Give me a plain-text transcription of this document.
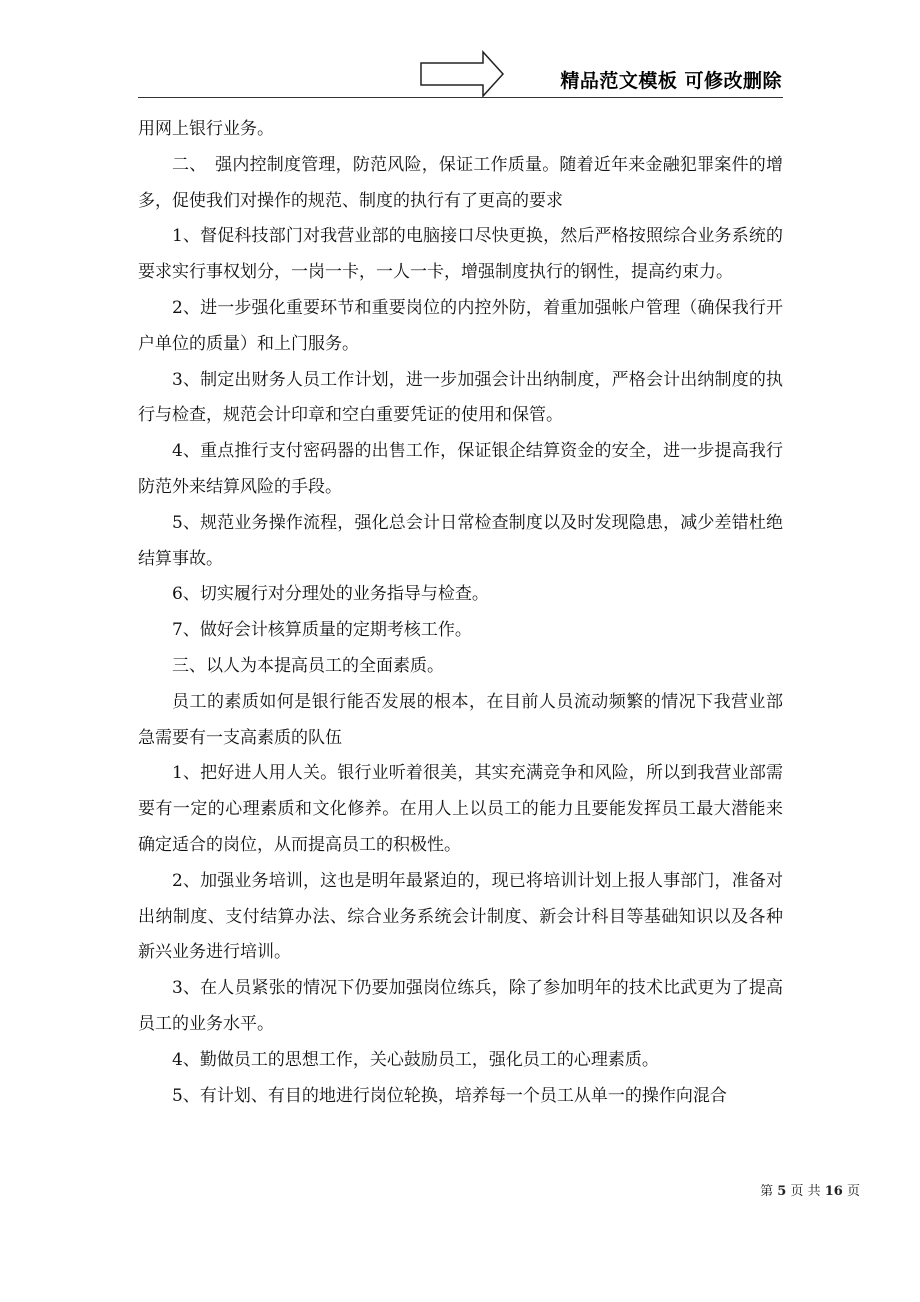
精品范文模板 可修改删除

用网上银行业务。

二、　强内控制度管理，防范风险，保证工作质量。随着近年来金融犯罪案件的增多，促使我们对操作的规范、制度的执行有了更高的要求

1、督促科技部门对我营业部的电脑接口尽快更换，然后严格按照综合业务系统的要求实行事权划分，一岗一卡，一人一卡，增强制度执行的钢性，提高约束力。

2、进一步强化重要环节和重要岗位的内控外防，着重加强帐户管理（确保我行开户单位的质量）和上门服务。

3、制定出财务人员工作计划，进一步加强会计出纳制度，严格会计出纳制度的执行与检查，规范会计印章和空白重要凭证的使用和保管。

4、重点推行支付密码器的出售工作，保证银企结算资金的安全，进一步提高我行防范外来结算风险的手段。

5、规范业务操作流程，强化总会计日常检查制度以及时发现隐患，减少差错杜绝结算事故。

6、切实履行对分理处的业务指导与检查。

7、做好会计核算质量的定期考核工作。

三、以人为本提高员工的全面素质。

员工的素质如何是银行能否发展的根本，在目前人员流动频繁的情况下我营业部急需要有一支高素质的队伍

1、把好进人用人关。银行业听着很美，其实充满竞争和风险，所以到我营业部需要有一定的心理素质和文化修养。在用人上以员工的能力且要能发挥员工最大潜能来确定适合的岗位，从而提高员工的积极性。

2、加强业务培训，这也是明年最紧迫的，现已将培训计划上报人事部门，准备对出纳制度、支付结算办法、综合业务系统会计制度、新会计科目等基础知识以及各种新兴业务进行培训。

3、在人员紧张的情况下仍要加强岗位练兵，除了参加明年的技术比武更为了提高员工的业务水平。

4、勤做员工的思想工作，关心鼓励员工，强化员工的心理素质。

5、有计划、有目的地进行岗位轮换，培养每一个员工从单一的操作向混合

第 5 页 共 16 页
